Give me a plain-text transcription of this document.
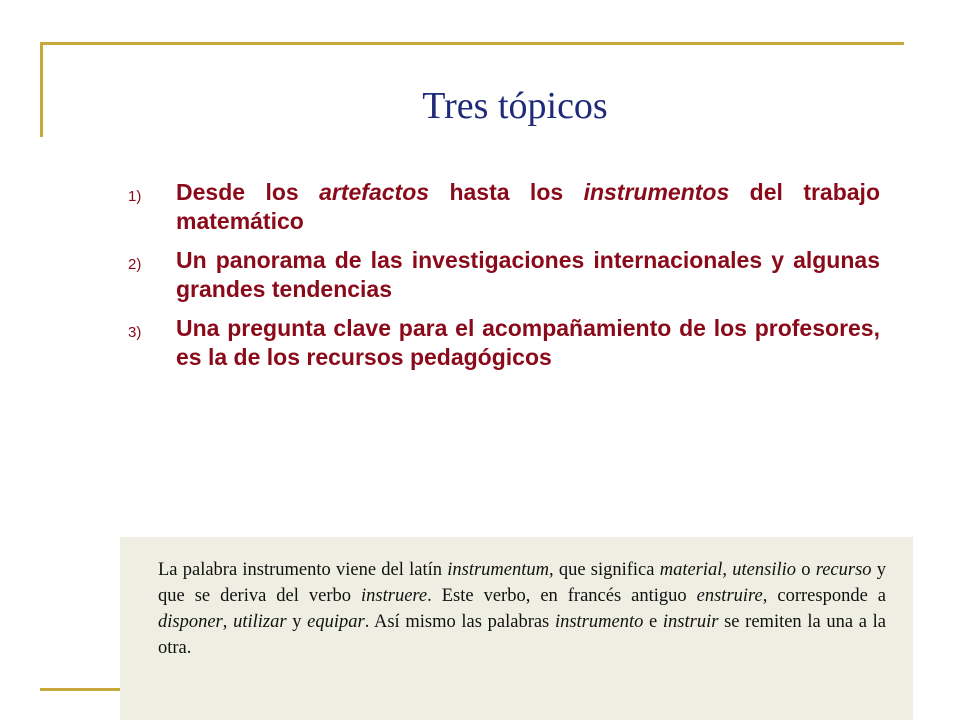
Tres tópicos
1) Desde los artefactos hasta los instrumentos del trabajo matemático
2) Un panorama de las investigaciones internacionales y algunas grandes tendencias
3) Una pregunta clave para el acompañamiento de los profesores, es la de los recursos pedagógicos

La palabra instrumento viene del latín instrumentum, que significa material, utensilio o recurso y que se deriva del verbo instruere. Este verbo, en francés antiguo enstruire, corresponde a disponer, utilizar y equipar. Así mismo las palabras instrumento e instruir se remiten la una a la otra.
